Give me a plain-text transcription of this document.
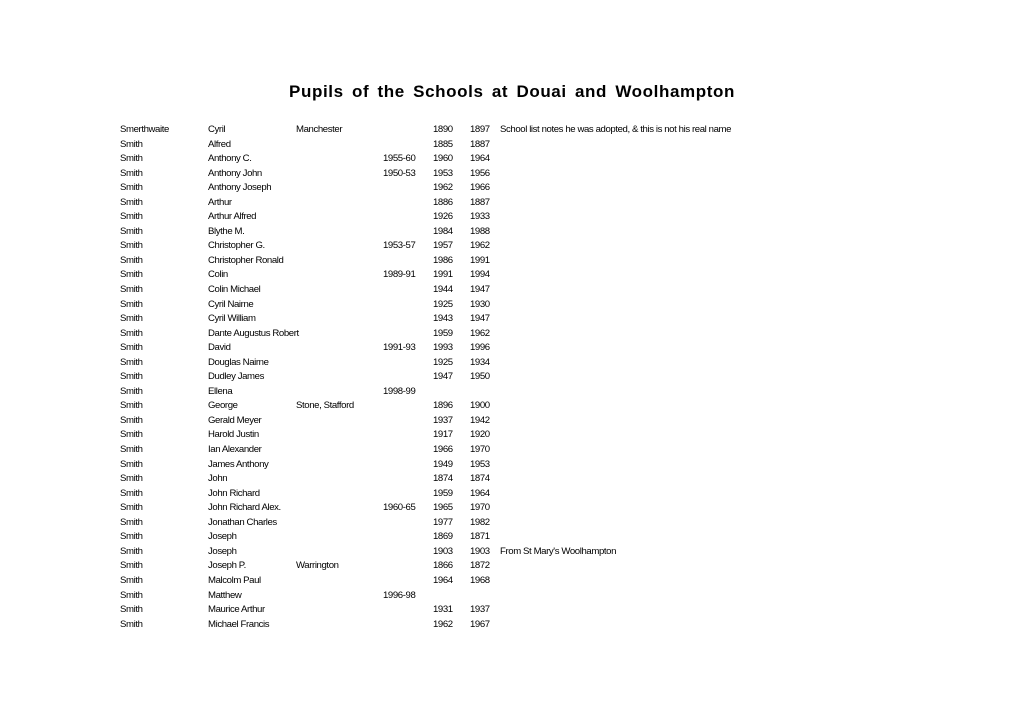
Pupils of the Schools at Douai and Woolhampton
Smerthwaite	Cyril	Manchester	1890 1897 School list notes he was adopted, & this is not his real name
Smith	Alfred	1885 1887
Smith	Anthony C.	1955-60 1960 1964
Smith	Anthony John	1950-53 1953 1956
Smith	Anthony Joseph	1962 1966
Smith	Arthur	1886 1887
Smith	Arthur Alfred	1926 1933
Smith	Blythe M.	1984 1988
Smith	Christopher G.	1953-57 1957 1962
Smith	Christopher Ronald	1986 1991
Smith	Colin	1989-91 1991 1994
Smith	Colin Michael	1944 1947
Smith	Cyril Nairne	1925 1930
Smith	Cyril William	1943 1947
Smith	Dante Augustus Robert	1959 1962
Smith	David	1991-93 1993 1996
Smith	Douglas Nairne	1925 1934
Smith	Dudley James	1947 1950
Smith	Ellena	1998-99
Smith	George	Stone, Stafford	1896 1900
Smith	Gerald Meyer	1937 1942
Smith	Harold Justin	1917 1920
Smith	Ian Alexander	1966 1970
Smith	James Anthony	1949 1953
Smith	John	1874 1874
Smith	John Richard	1959 1964
Smith	John Richard Alex.	1960-65 1965 1970
Smith	Jonathan Charles	1977 1982
Smith	Joseph	1869 1871
Smith	Joseph	1903 1903 From St Mary's Woolhampton
Smith	Joseph P.	Warrington	1866 1872
Smith	Malcolm Paul	1964 1968
Smith	Matthew	1996-98
Smith	Maurice Arthur	1931 1937
Smith	Michael Francis	1962 1967
